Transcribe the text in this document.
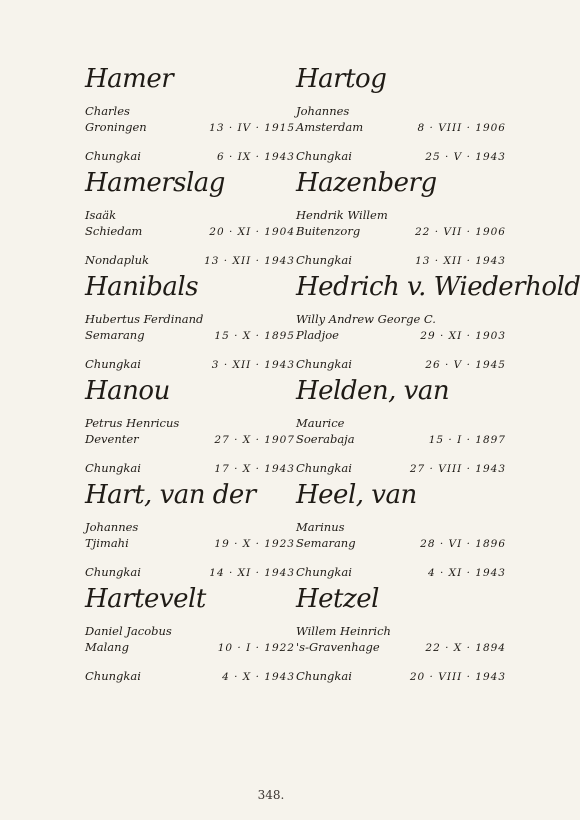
Hamer
Charles
Groningen	13 · IV · 1915
Chungkai	6 · IX · 1943
Hamerslag
Isaäk
Schiedam	20 · XI · 1904
Nondapluk	13 · XII · 1943
Hanibals
Hubertus Ferdinand
Semarang	15 · X · 1895
Chungkai	3 · XII · 1943
Hanou
Petrus Henricus
Deventer	27 · X · 1907
Chungkai	17 · X · 1943
Hart, van der
Johannes
Tjimahi	19 · X · 1923
Chungkai	14 · XI · 1943
Hartevelt
Daniel Jacobus
Malang	10 · I · 1922
Chungkai	4 · X · 1943
Hartog
Johannes
Amsterdam	8 · VIII · 1906
Chungkai	25 · V · 1943
Hazenberg
Hendrik Willem
Buitenzorg	22 · VII · 1906
Chungkai	13 · XII · 1943
Hedrich v. Wiederhold
Willy Andrew George C.
Pladjoe	29 · XI · 1903
Chungkai	26 · V · 1945
Helden, van
Maurice
Soerabaja	15 · I · 1897
Chungkai	27 · VIII · 1943
Heel, van
Marinus
Semarang	28 · VI · 1896
Chungkai	4 · XI · 1943
Hetzel
Willem Heinrich
's-Gravenhage	22 · X · 1894
Chungkai	20 · VIII · 1943
348.
